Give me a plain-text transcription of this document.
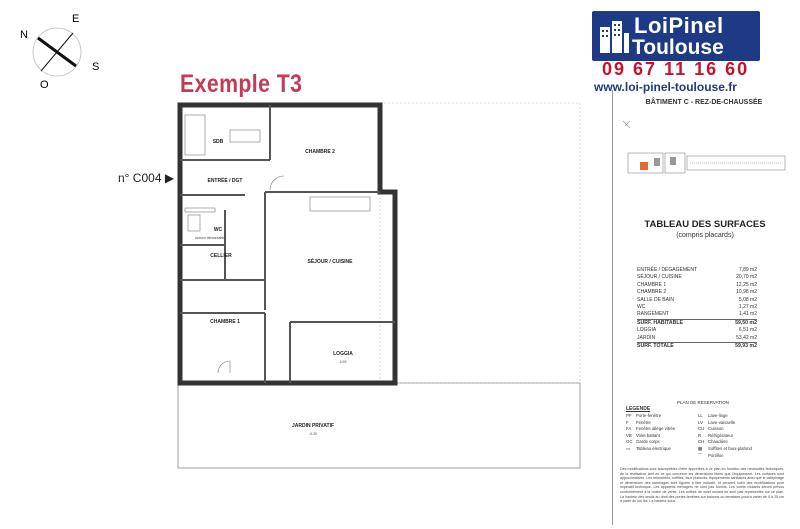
N
E
S
O	Exemple T3
n° C004 ▶
SDB
CHAMBRE 2
ENTRÉE / DGT
WC
cloison démontable
CELLIER
SÉJOUR / CUISINE
CHAMBRE 1
LOGGIA
4.93
JARDIN PRIVATIF
-0.20
LoiPinel
Toulouse
09 67 11 16 60
www.loi-pinel-toulouse.fr
BÂTIMENT C - REZ-DE-CHAUSSÉE
TABLEAU DES SURFACES
(compris placards)
ENTRÉE / DÉGAGEMENT	7,89 m2
SÉJOUR / CUISINE	20,70 m2
CHAMBRE 1	12,25 m2
CHAMBRE 2	10,98 m2
SALLE DE BAIN	5,08 m2
WC	1,27 m2
RANGEMENT	1,41 m2
SURF. HABITABLE	59,50 m2
LOGGIA	6,51 m2
JARDIN	53,42 m2
SURF. TOTALE	59,93 m2
PLAN DE RESERVATION
LEGENDE
PF	Porte-fenêtre	LL	Lave-linge
F	Fenêtre	LV	Lave-vaisselle
FA	Fenêtre allège vitrée	CU Cuisson
VB Volet battant	R	Réfrigérateur
GC Garde corps	CH Chaudière
▭	Tableau électrique	▩	Soffites et faux-plafond
⌒	Portillon
Des modifications sont susceptibles d'être apportées à ce plan en fonction des nécessités techniques, de la réalisation tant en ce qui concerne les dimensions libres que l'équipement. Les surfaces sont approximatives. Les retombées, soffites, faux plafonds, équipements sanitaires ainsi que le calepinage et dimensions des carrelages sont figurés à titre indicatif, et peuvent subir des modifications pour impératif technique. Les appareils ménagers ne sont pas fournis. Les volets roulants seront prévus conformément à la notice de vente. Les coffres de volet roulant ne sont pas représentés sur ce plan. La hauteur des seuils au droit des portes-fenêtres sur balcons ou terrasses pourra varier de 5 à 25 cm à partir du sol fini. La hauteur sous
